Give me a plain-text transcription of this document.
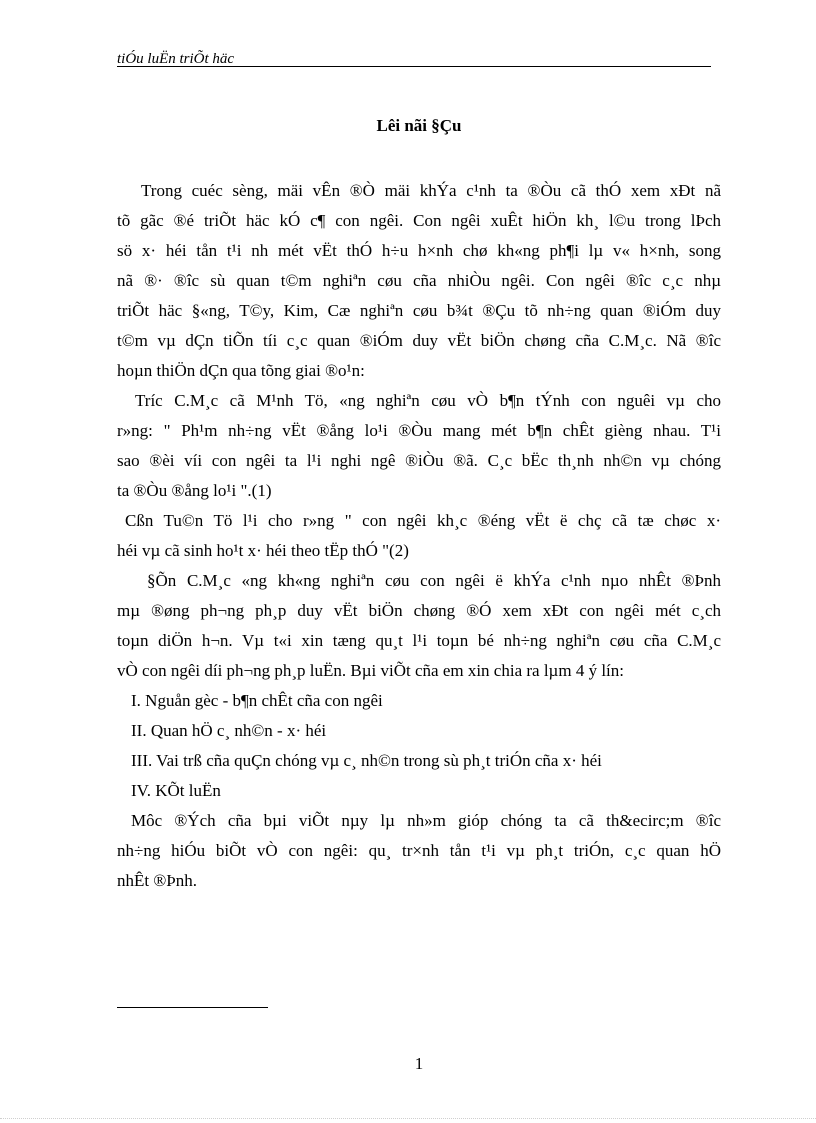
tiÓu luËn triÕt häc
Lêi nãi §Çu
Trong cuéc sèng, mäi vÊn ®Ò mäi khÝa c¹nh ta ®Òu cã thÓ xem xÐt nã
tõ gãc ®é triÕt häc kÓ c¶ con ngêi. Con ngêi xuÊt hiÖn kh¸ l©u trong lÞch
sö x· héi tån t¹i nh mét vËt thÓ h÷u h×nh chø kh«ng ph¶i lµ v« h×nh, song
nã ®· ®îc sù quan t©m nghiªn cøu cña nhiÒu ngêi. Con ngêi ®îc c¸c nhµ
triÕt häc §«ng, T©y, Kim, Cæ nghiªn cøu b¾t ®Çu tõ nh÷ng quan ®iÓm duy
t©m vµ dÇn tiÕn tíi c¸c quan ®iÓm duy vËt biÖn chøng cña C.M¸c. Nã ®îc
hoµn thiÖn dÇn qua tõng giai ®o¹n:
Tríc C.M¸c cã M¹nh Tö, «ng nghiªn cøu vÒ b¶n tÝnh con nguêi vµ cho
r»ng: " Ph¹m nh÷ng vËt ®ång lo¹i ®Òu mang mét b¶n chÊt gièng nhau. T¹i
sao ®èi víi con ngêi ta l¹i nghi ngê ®iÒu ®ã. C¸c bËc th¸nh nh©n vµ chóng
ta ®Òu ®ång lo¹i ".(1)
Cßn Tu©n Tö l¹i cho r»ng " con ngêi kh¸c ®éng vËt ë chç cã tæ chøc x·
héi vµ cã sinh ho¹t x· héi theo tËp thÓ "(2)
§Õn C.M¸c «ng kh«ng nghiªn cøu con ngêi ë khÝa c¹nh nµo nhÊt ®Þnh
mµ ®øng ph¬ng ph¸p duy vËt biÖn chøng ®Ó xem xÐt con ngêi mét c¸ch
toµn diÖn h¬n. Vµ t«i xin tæng qu¸t l¹i toµn bé nh÷ng nghiªn cøu cña C.M¸c
vÒ con ngêi díi ph¬ng ph¸p luËn. Bµi viÕt cña em xin chia ra lµm 4 ý lín:
I. Nguån gèc - b¶n chÊt cña con ngêi
II. Quan hÖ c¸ nh©n - x· héi
III. Vai trß cña quÇn chóng vµ c¸ nh©n trong sù ph¸t triÓn cña x· héi
IV. KÕt luËn
Môc ®Ých cña bµi viÕt nµy lµ nh»m gióp chóng ta cã th&ecirc;m ®îc
nh÷ng hiÓu biÕt vÒ con ngêi: qu¸ tr×nh tån t¹i vµ ph¸t triÓn, c¸c quan hÖ
nhÊt ®Þnh.
1
